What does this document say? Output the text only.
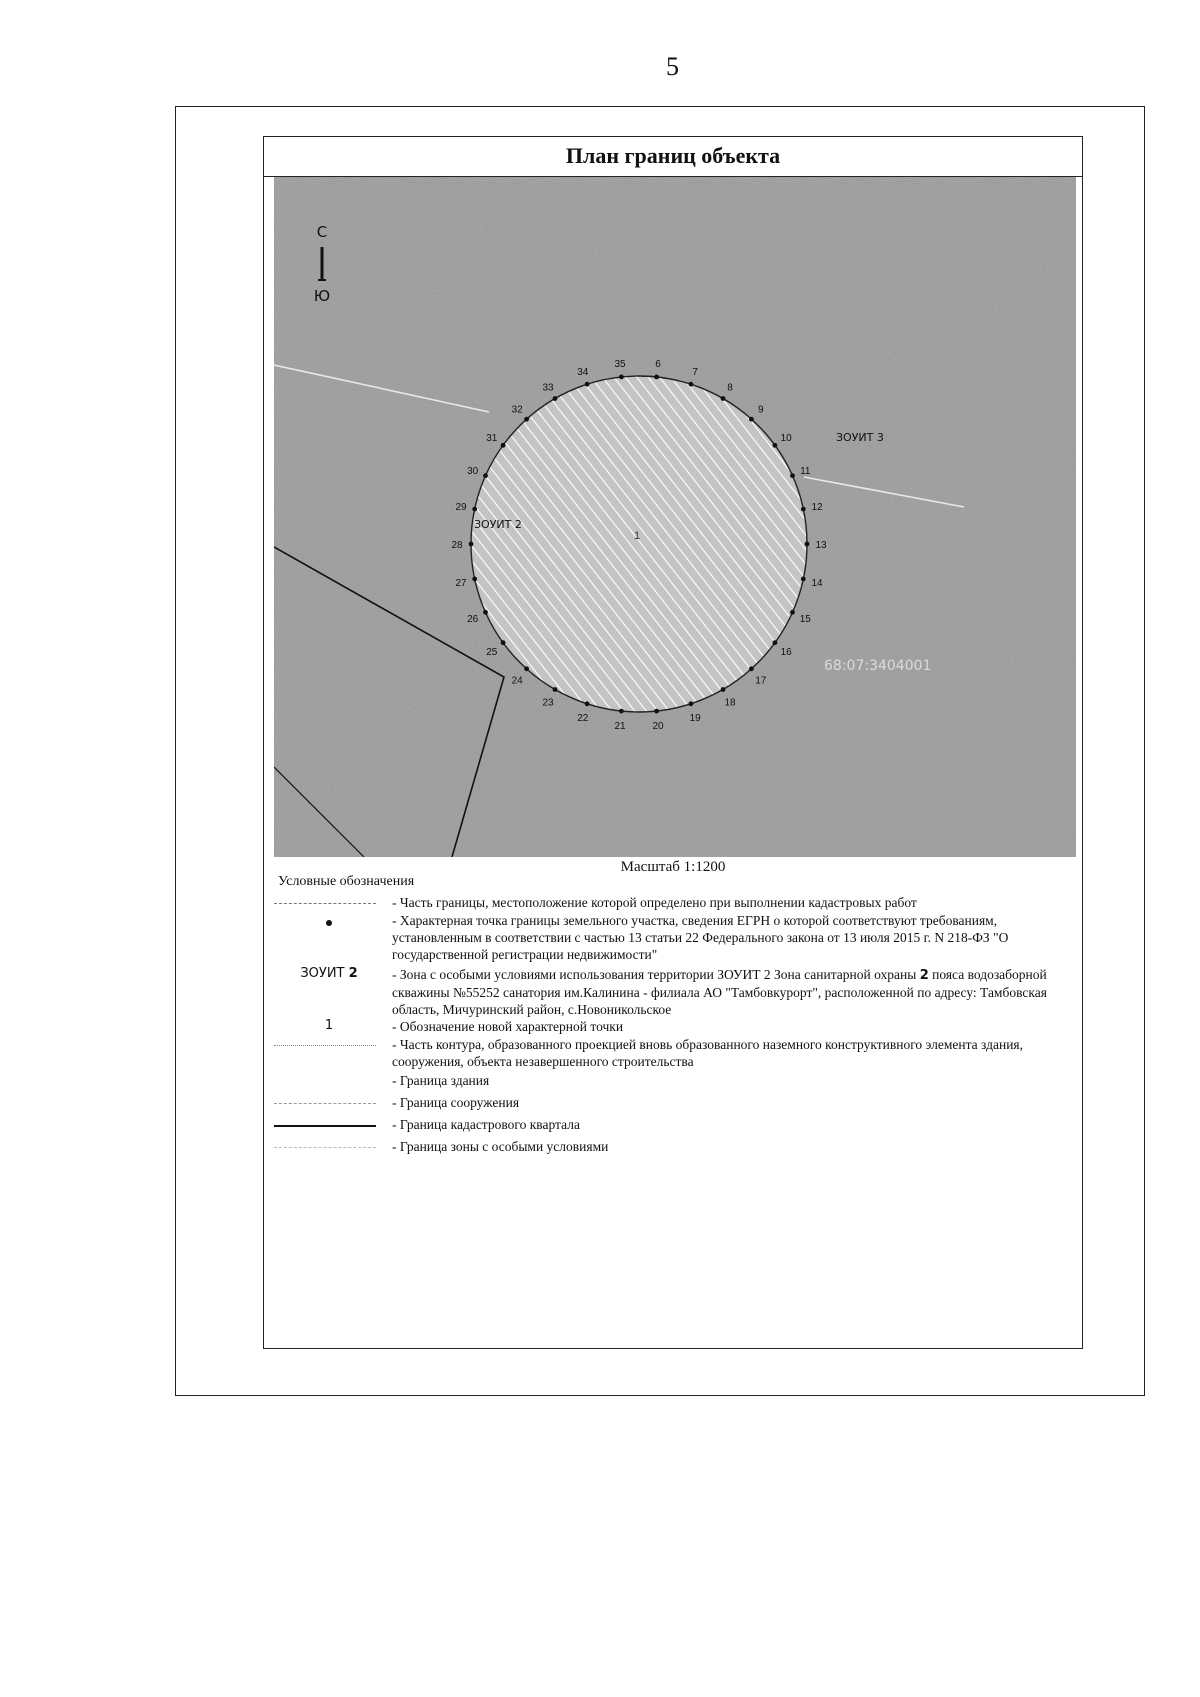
5
План границ объекта
1
С
Ю
ЗОУИТ 2
ЗОУИТ 3
68:07:3404001
6
7
8
9
10
11
12
13
14
15
16
17
18
19
20
21
22
23
24
25
26
27
28
29
30
31
32
33
34
35
Масштаб 1:1200
Условные обозначения
- Часть границы, местоположение которой определено при выполнении кадастровых работ
- Характерная точка границы земельного участка, сведения ЕГРН о которой соответствуют требованиям, установленным в соответствии с частью 13 статьи 22 Федерального закона от 13 июля 2015 г. N 218-ФЗ "О государственной регистрации недвижимости"
ЗОУИТ 2	- Зона с особыми условиями использования территории ЗОУИТ 2 Зона санитарной охраны 2 пояса водозаборной скважины №55252 санатория им.Калинина - филиала АО "Тамбовкурорт", расположенной по адресу: Тамбовская область, Мичуринский район, с.Новоникольское
1	- Обозначение новой характерной точки
- Часть контура, образованного проекцией вновь образованного наземного конструктивного элемента здания, сооружения, объекта незавершенного строительства
- Граница здания
- Граница сооружения
- Граница кадастрового квартала
- Граница зоны с особыми условиями
